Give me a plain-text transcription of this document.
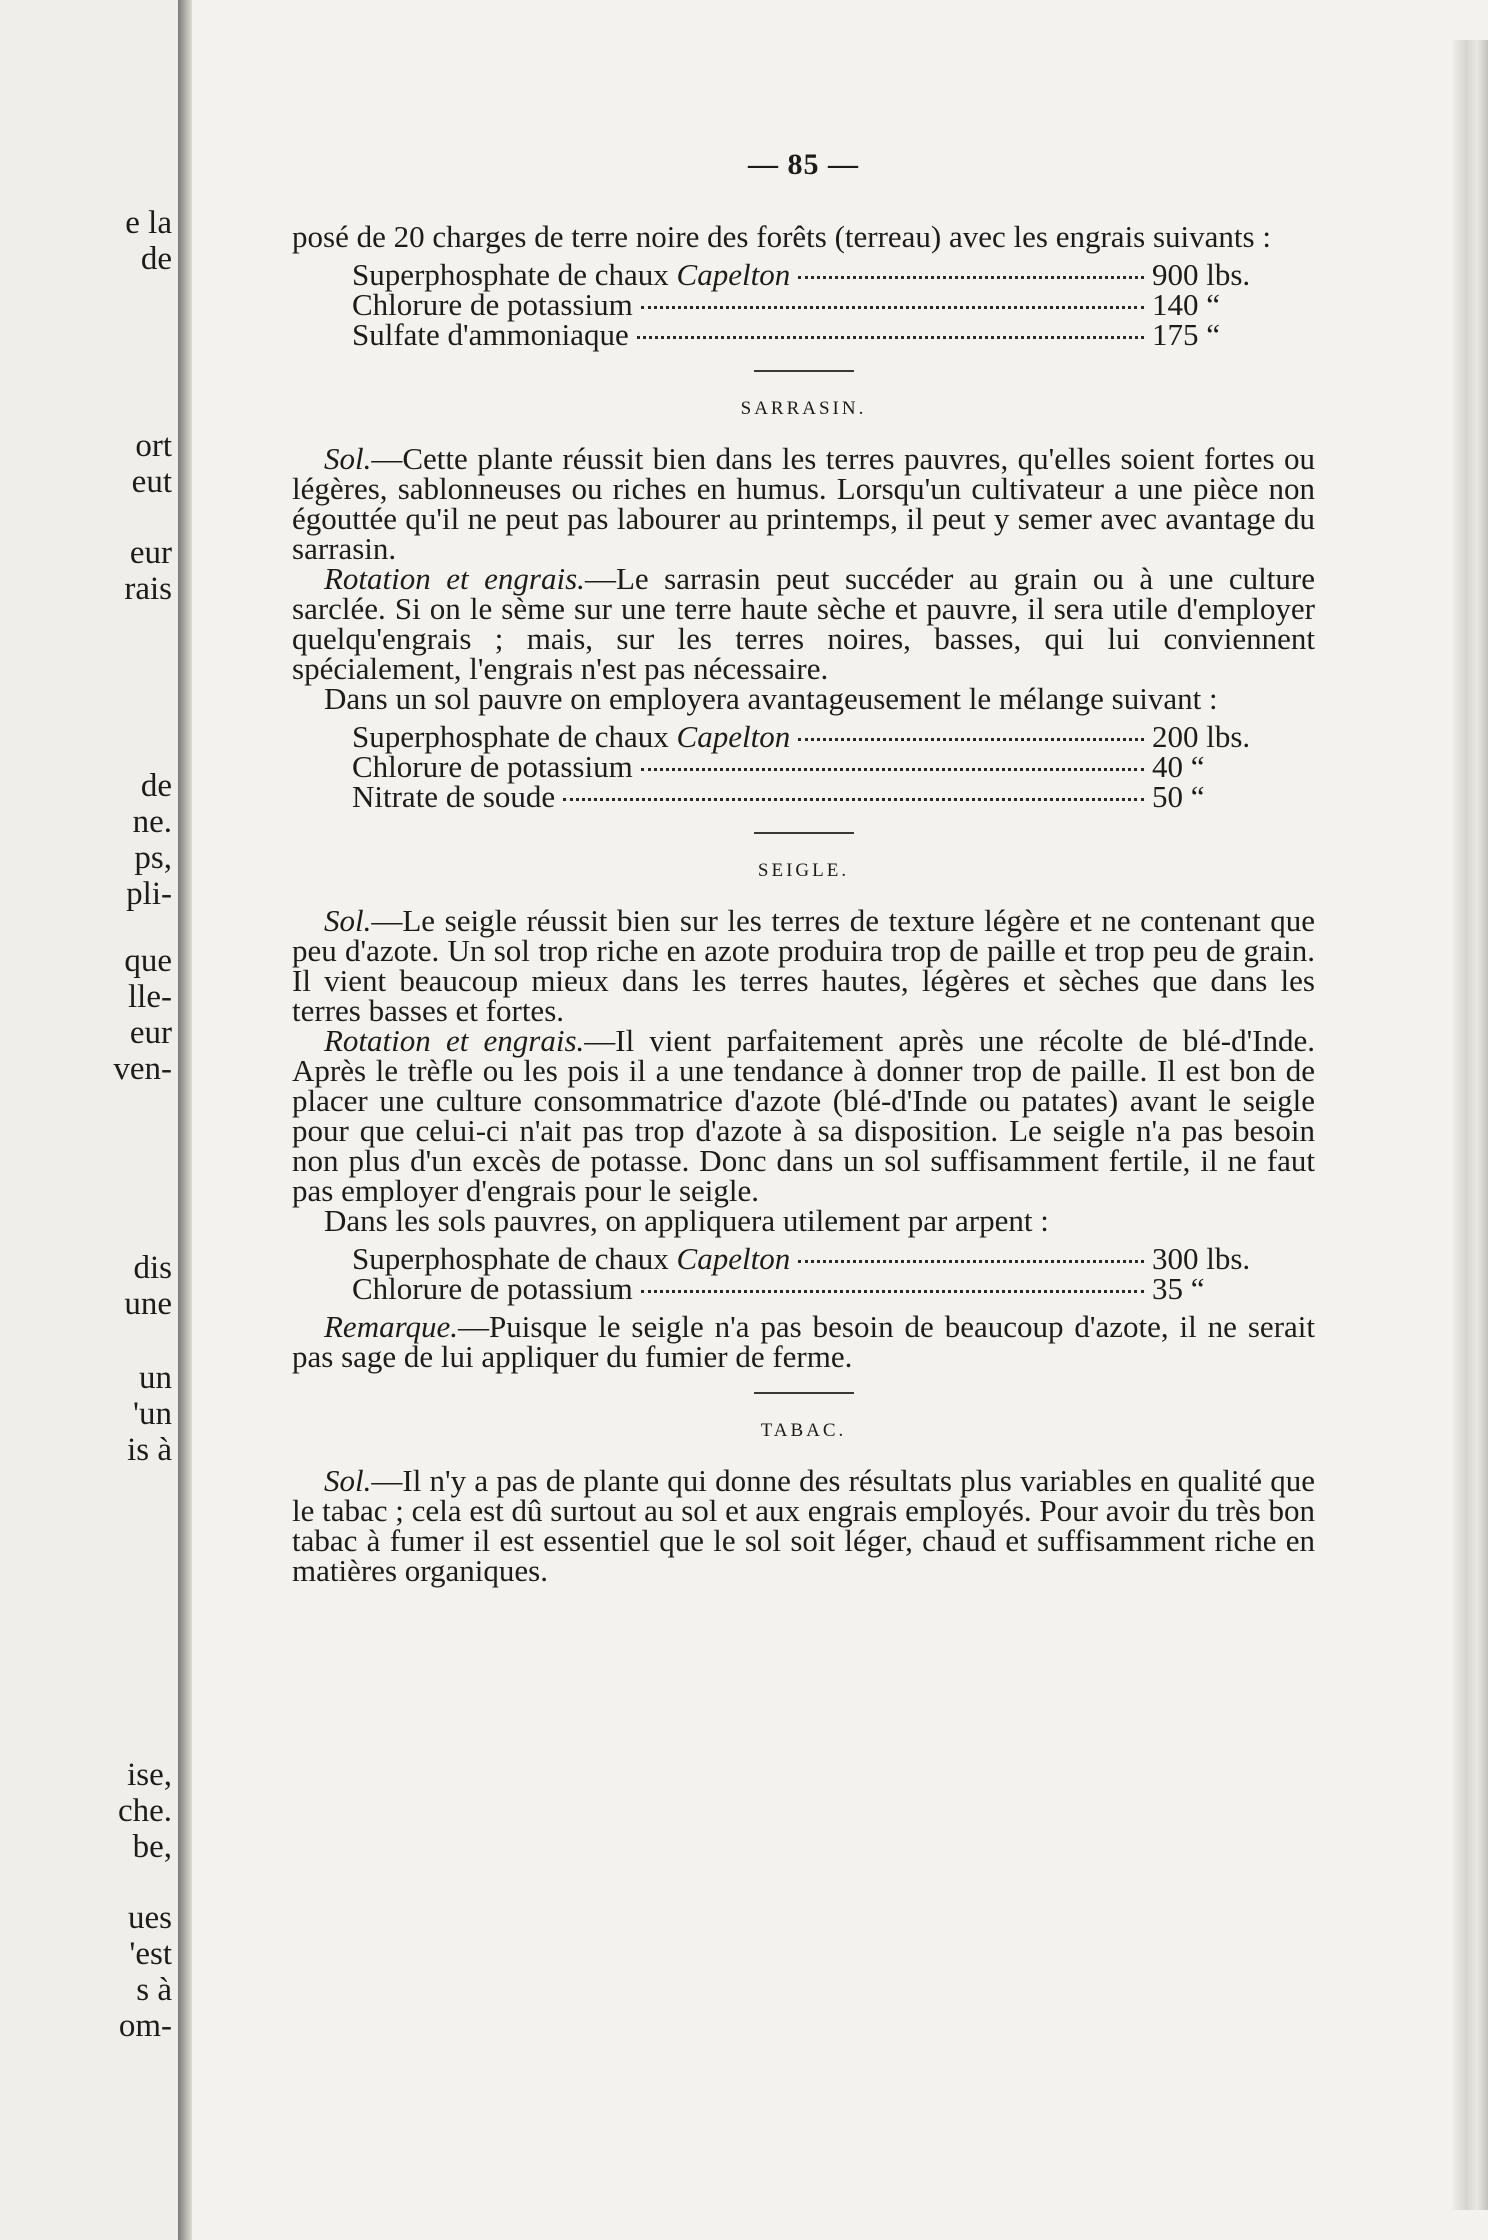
e la
de
ort
eut
eur
rais
de
ne.
ps,
pli-
que
lle-
eur
ven-
dis
une
un
'un
is à
ise,
che.
be,
ues
'est
s à
om-
— 85 —

posé de 20 charges de terre noire des forêts (terreau) avec les engrais suivants :

Superphosphate de chaux Capelton	900 lbs.
Chlorure de potassium	140 “
Sulfate d'ammoniaque	175 “
SARRASIN.

Sol.—Cette plante réussit bien dans les terres pauvres, qu'elles soient fortes ou légères, sablonneuses ou riches en humus. Lorsqu'un cultivateur a une pièce non égouttée qu'il ne peut pas labourer au printemps, il peut y semer avec avantage du sarrasin.

Rotation et engrais.—Le sarrasin peut succéder au grain ou à une culture sarclée. Si on le sème sur une terre haute sèche et pauvre, il sera utile d'employer quelqu'engrais ; mais, sur les terres noires, basses, qui lui conviennent spécialement, l'engrais n'est pas nécessaire.

Dans un sol pauvre on employera avantageusement le mélange suivant :

Superphosphate de chaux Capelton	200 lbs.
Chlorure de potassium	40 “
Nitrate de soude	50 “
SEIGLE.

Sol.—Le seigle réussit bien sur les terres de texture légère et ne contenant que peu d'azote. Un sol trop riche en azote produira trop de paille et trop peu de grain. Il vient beaucoup mieux dans les terres hautes, légères et sèches que dans les terres basses et fortes.

Rotation et engrais.—Il vient parfaitement après une récolte de blé-d'Inde. Après le trèfle ou les pois il a une tendance à donner trop de paille. Il est bon de placer une culture consommatrice d'azote (blé-d'Inde ou patates) avant le seigle pour que celui-ci n'ait pas trop d'azote à sa disposition. Le seigle n'a pas besoin non plus d'un excès de potasse. Donc dans un sol suffisamment fertile, il ne faut pas employer d'engrais pour le seigle.

Dans les sols pauvres, on appliquera utilement par arpent :

Superphosphate de chaux Capelton	300 lbs.
Chlorure de potassium	35 “

Remarque.—Puisque le seigle n'a pas besoin de beaucoup d'azote, il ne serait pas sage de lui appliquer du fumier de ferme.

TABAC.

Sol.—Il n'y a pas de plante qui donne des résultats plus variables en qualité que le tabac ; cela est dû surtout au sol et aux engrais employés. Pour avoir du très bon tabac à fumer il est essentiel que le sol soit léger, chaud et suffisamment riche en matières organiques.
